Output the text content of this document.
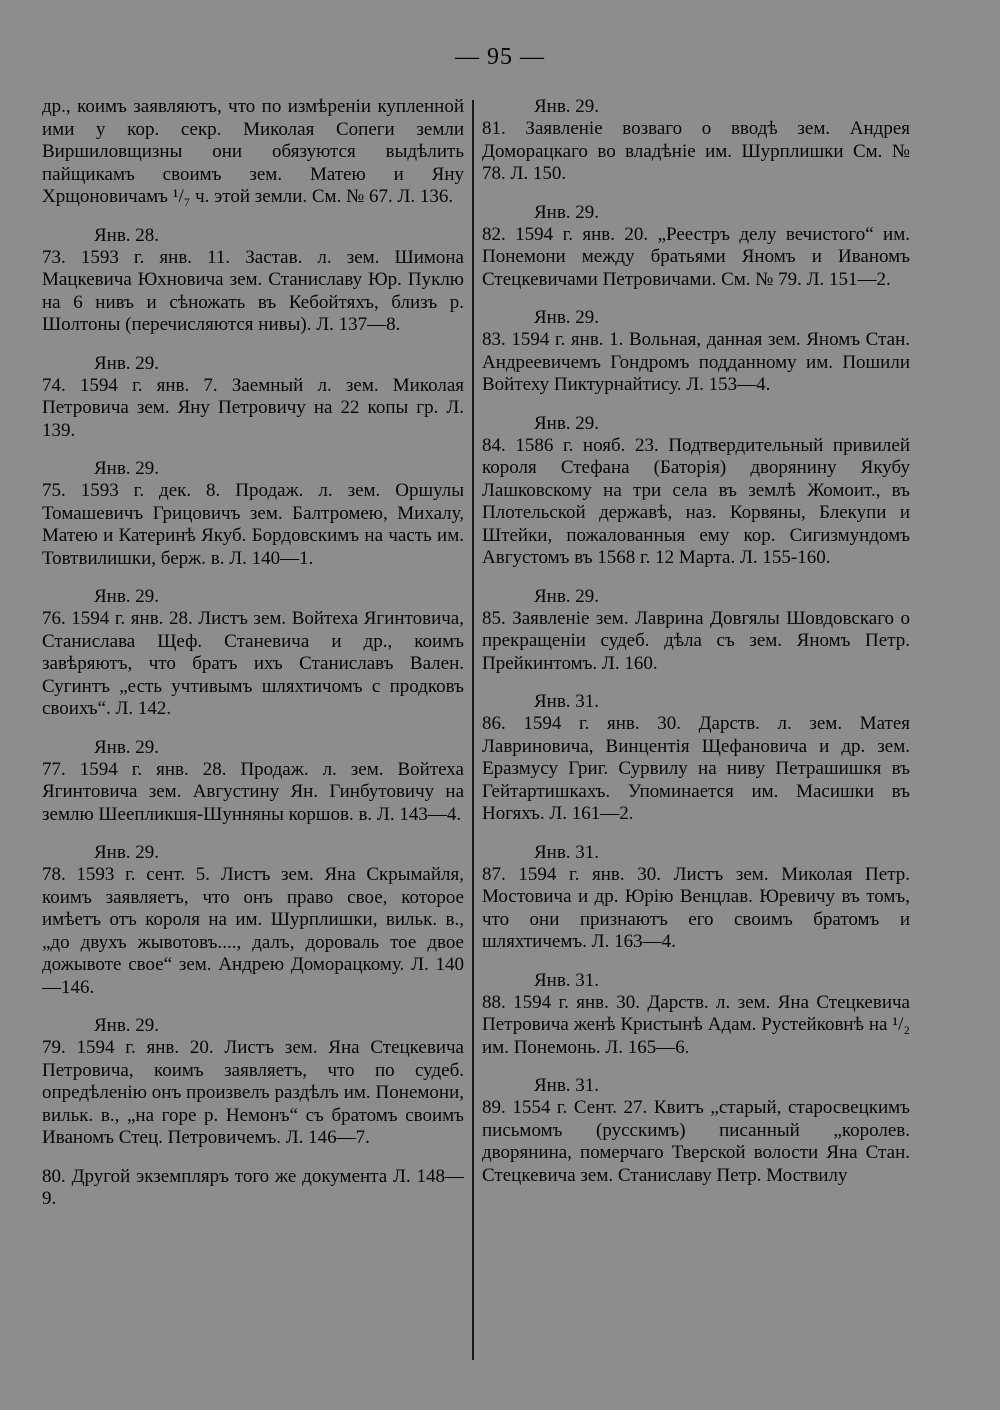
— 95 —

др., коимъ заявляютъ, что по измѣренiи купленной ими у кор. секр. Миколая Сопеги земли Виршиловщизны они обязуются выдѣлить пайщикамъ своимъ зем. Матею и Яну Хрщоновичамъ ¹/₇ ч. этой земли. См. № 67. Л. 136.

Янв. 28.

73. 1593 г. янв. 11. Застав. л. зем. Шимона Мацкевича Юхновича зем. Станиславу Юр. Пуклю на 6 нивъ и сѣножать въ Кебойтяхъ, близъ р. Шолтоны (перечисляются нивы). Л. 137—8.

Янв. 29.

74. 1594 г. янв. 7. Заемный л. зем. Миколая Петровича зем. Яну Петровичу на 22 копы гр. Л. 139.

Янв. 29.

75. 1593 г. дек. 8. Продаж. л. зем. Оршулы Томашевичъ Грицовичъ зем. Балтромею, Михалу, Матею и Катеринѣ Якуб. Бордовскимъ на часть им. Товтвилишки, берж. в. Л. 140—1.

Янв. 29.

76. 1594 г. янв. 28. Листъ зем. Войтеха Ягинтовича, Станислава Щеф. Станевича и др., коимъ завѣряютъ, что братъ ихъ Станиславъ Вален. Сугинтъ „есть учтивымъ шляхтичомъ с продковъ своихъ“. Л. 142.

Янв. 29.

77. 1594 г. янв. 28. Продаж. л. зем. Войтеха Ягинтовича зем. Августину Ян. Гинбутовичу на землю Шеепликшя-Шунняны коршов. в. Л. 143—4.

Янв. 29.

78. 1593 г. сент. 5. Листъ зем. Яна Скрымайля, коимъ заявляетъ, что онъ право свое, которое имѣетъ отъ короля на им. Шурплишки, вильк. в., „до двухъ жывотовъ...., далъ, дороваль тое двое дожывоте свое“ зем. Андрею Доморацкому. Л. 140—146.

Янв. 29.

79. 1594 г. янв. 20. Листъ зем. Яна Стецкевича Петровича, коимъ заявляетъ, что по судеб. опредѣленiю онъ произвелъ раздѣлъ им. Понемони, вильк. в., „на горе р. Немонъ“ съ братомъ своимъ Иваномъ Стец. Петровичемъ. Л. 146—7.

80. Другой экземпляръ того же документа Л. 148—9.

Янв. 29.

81. Заявленiе возваго о вводѣ зем. Андрея Доморацкаго во владѣнiе им. Шурплишки См. № 78. Л. 150.

Янв. 29.

82. 1594 г. янв. 20. „Реестръ делу вечистого“ им. Понемони между братьями Яномъ и Иваномъ Стецкевичами Петровичами. См. № 79. Л. 151—2.

Янв. 29.

83. 1594 г. янв. 1. Вольная, данная зем. Яномъ Стан. Андреевичемъ Гондромъ подданному им. Пошили Войтеху Пиктурнайтису. Л. 153—4.

Янв. 29.

84. 1586 г. нояб. 23. Подтвердительный привилей короля Стефана (Баторiя) дворянину Якубу Лашковскому на три села въ землѣ Жомоит., въ Плотельской державѣ, наз. Корвяны, Блекупи и Штейки, пожалованныя ему кор. Сигизмундомъ Августомъ въ 1568 г. 12 Марта. Л. 155-160.

Янв. 29.

85. Заявленiе зем. Лаврина Довгялы Шовдовскаго о прекращенiи судеб. дѣла съ зем. Яномъ Петр. Прейкинтомъ. Л. 160.

Янв. 31.

86. 1594 г. янв. 30. Дарств. л. зем. Матея Лавриновича, Винцентiя Щефановича и др. зем. Еразмусу Григ. Сурвилу на ниву Петрашишкя въ Гейтартишкахъ. Упоминается им. Масишки въ Ногяхъ. Л. 161—2.

Янв. 31.

87. 1594 г. янв. 30. Листъ зем. Миколая Петр. Мостовича и др. Юрiю Венцлав. Юревичу въ томъ, что они признаютъ его своимъ братомъ и шляхтичемъ. Л. 163—4.

Янв. 31.

88. 1594 г. янв. 30. Дарств. л. зем. Яна Стецкевича Петровича женѣ Кристынѣ Адам. Рустейковнѣ на ¹/₂ им. Понемонь. Л. 165—6.

Янв. 31.

89. 1554 г. Сент. 27. Квитъ „старый, старосвецкимъ письмомъ (русскимъ) писанный „королев. дворянина, померчаго Тверской волости Яна Стан. Стецкевича зем. Станиславу Петр. Моствилу
